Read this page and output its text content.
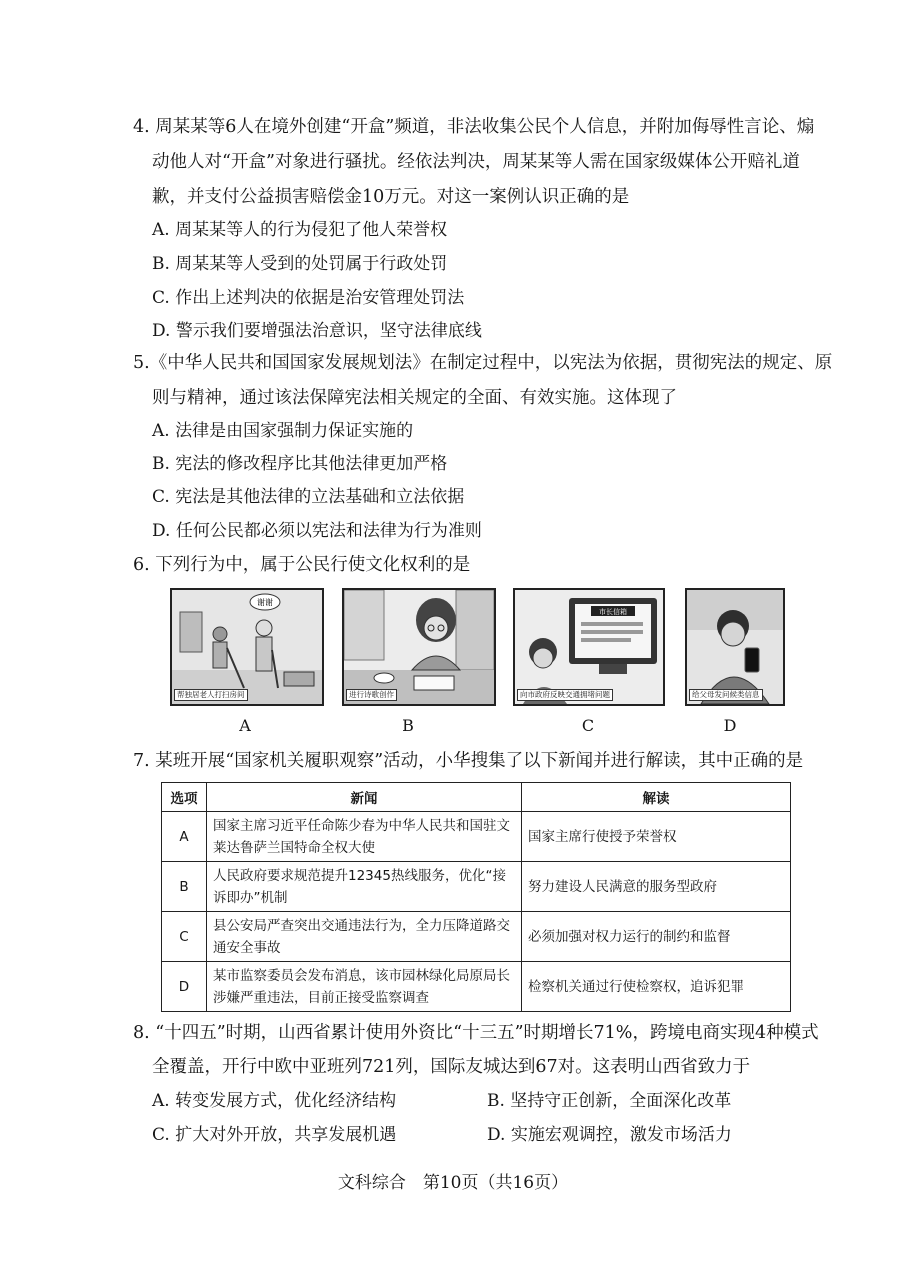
4. 周某某等6人在境外创建“开盒”频道，非法收集公民个人信息，并附加侮辱性言论、煽
动他人对“开盒”对象进行骚扰。经依法判决，周某某等人需在国家级媒体公开赔礼道
歉，并支付公益损害赔偿金10万元。对这一案例认识正确的是
A. 周某某等人的行为侵犯了他人荣誉权
B. 周某某等人受到的处罚属于行政处罚
C. 作出上述判决的依据是治安管理处罚法
D. 警示我们要增强法治意识，坚守法律底线
5.《中华人民共和国国家发展规划法》在制定过程中，以宪法为依据，贯彻宪法的规定、原
则与精神，通过该法保障宪法相关规定的全面、有效实施。这体现了
A. 法律是由国家强制力保证实施的
B. 宪法的修改程序比其他法律更加严格
C. 宪法是其他法律的立法基础和立法依据
D. 任何公民都必须以宪法和法律为行为准则
6. 下列行为中，属于公民行使文化权利的是
谢谢
帮独居老人打扫房间
A
进行诗歌创作
B
市长信箱
向市政府反映交通拥堵问题
C
给父母发问候类信息
D
7. 某班开展“国家机关履职观察”活动，小华搜集了以下新闻并进行解读，其中正确的是
选项	新闻	解读
A	国家主席习近平任命陈少春为中华人民共和国驻文莱达鲁萨兰国特命全权大使	国家主席行使授予荣誉权
B	人民政府要求规范提升12345热线服务，优化“接诉即办”机制	努力建设人民满意的服务型政府
C	县公安局严查突出交通违法行为，全力压降道路交通安全事故	必须加强对权力运行的制约和监督
D	某市监察委员会发布消息，该市园林绿化局原局长涉嫌严重违法，目前正接受监察调查	检察机关通过行使检察权，追诉犯罪
8. “十四五”时期，山西省累计使用外资比“十三五”时期增长71%，跨境电商实现4种模式
全覆盖，开行中欧中亚班列721列，国际友城达到67对。这表明山西省致力于
A. 转变发展方式，优化经济结构	B. 坚持守正创新，全面深化改革
C. 扩大对外开放，共享发展机遇	D. 实施宏观调控，激发市场活力
文科综合　第10页（共16页）
